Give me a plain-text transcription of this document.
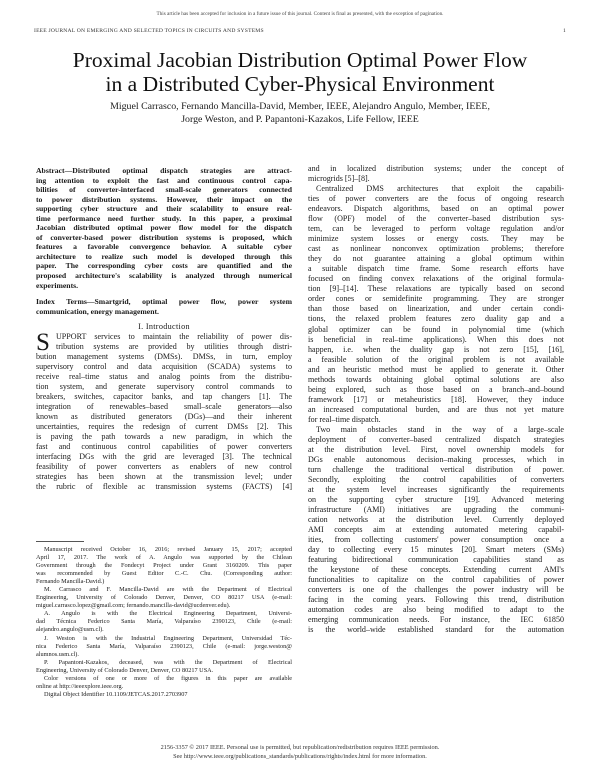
This article has been accepted for inclusion in a future issue of this journal. Content is final as presented, with the exception of pagination.
IEEE JOURNAL ON EMERGING AND SELECTED TOPICS IN CIRCUITS AND SYSTEMS	1
Proximal Jacobian Distribution Optimal Power Flow
in a Distributed Cyber-Physical Environment
Miguel Carrasco, Fernando Mancilla-David, Member, IEEE, Alejandro Angulo, Member, IEEE,
Jorge Weston, and P. Papantoni-Kazakos, Life Fellow, IEEE
Abstract—Distributed optimal dispatch strategies are attract-
ing attention to exploit the fast and continuous control capa-
bilities of converter-interfaced small-scale generators connected
to power distribution systems. However, their impact on the
supporting cyber structure and their scalability to ensure real-
time performance need further study. In this paper, a proximal
Jacobian distributed optimal power flow model for the dispatch
of converter-based power distribution systems is proposed, which
features a favorable convergence behavior. A suitable cyber
architecture to realize such model is developed through this
paper. The corresponding cyber costs are quantified and the
proposed architecture's scalability is analyzed through numerical
experiments.
Index Terms—Smartgrid, optimal power flow, power system
communication, energy management.
I. Introduction
S UPPORT services to maintain the reliability of power dis-
tribution systems are provided by utilities through distri-
bution management systems (DMSs). DMSs, in turn, employ
supervisory control and data acquisition (SCADA) systems to
receive real–time status and analog points from the distribu-
tion system, and generate supervisory control commands to
breakers, switches, capacitor banks, and tap changers [1]. The
integration of renewables–based small–scale generators—also
known as distributed generators (DGs)—and their inherent
uncertainties, requires the redesign of current DMSs [2]. This
is paving the path towards a new paradigm, in which the
fast and continuous control capabilities of power converters
interfacing DGs with the grid are leveraged [3]. The technical
feasibility of power converters as enablers of new control
strategies has been shown at the transmission level; under
the rubric of flexible ac transmission systems (FACTS) [4]
Manuscript received October 16, 2016; revised January 15, 2017; accepted
April 17, 2017. The work of A. Angulo was supported by the Chilean
Government through the Fondecyt Project under Grant 3160209. This paper
was recommended by Guest Editor C.-C. Chu. (Corresponding author:
Fernando Mancilla-David.)
M. Carrasco and F. Mancilla-David are with the Department of Electrical
Engineering, University of Colorado Denver, Denver, CO 80217 USA (e-mail:
miguel.carrasco.lopez@gmail.com; fernando.mancilla-david@ucdenver.edu).
A. Angulo is with the Electrical Engineering Department, Universi-
dad Técnica Federico Santa María, Valparaíso 2390123, Chile (e-mail:
alejandro.angulo@usm.cl).
J. Weston is with the Industrial Engineering Department, Universidad Téc-
nica Federico Santa María, Valparaíso 2390123, Chile (e-mail: jorge.weston@
alumnos.usm.cl).
P. Papantoni-Kazakos, deceased, was with the Department of Electrical
Engineering, University of Colorado Denver, Denver, CO 80217 USA.
Color versions of one or more of the figures in this paper are available
online at http://ieeexplore.ieee.org.
Digital Object Identifier 10.1109/JETCAS.2017.2703907
and in localized distribution systems; under the concept of
microgrids [5]–[8].
Centralized DMS architectures that exploit the capabili-
ties of power converters are the focus of ongoing research
endeavors. Dispatch algorithms, based on an optimal power
flow (OPF) model of the converter–based distribution sys-
tem, can be leveraged to perform voltage regulation and/or
minimize system losses or energy costs. They may be
cast as nonlinear nonconvex optimization problems; therefore
they do not guarantee attaining a global optimum within
a suitable dispatch time frame. Some research efforts have
focused on finding convex relaxations of the original formula-
tion [9]–[14]. These relaxations are typically based on second
order cones or semidefinite programming. They are stronger
than those based on linearization, and under certain condi-
tions, the relaxed problem features zero duality gap and a
global optimizer can be found in polynomial time (which
is beneficial in real–time applications). When this does not
happen, i.e. when the duality gap is not zero [15], [16],
a feasible solution of the original problem is not available
and an heuristic method must be applied to generate it. Other
methods towards obtaining global optimal solutions are also
being explored, such as those based on a branch–and–bound
framework [17] or metaheuristics [18]. However, they induce
an increased computational burden, and are thus not yet mature
for real–time dispatch.
Two main obstacles stand in the way of a large–scale
deployment of converter–based centralized dispatch strategies
at the distribution level. First, novel ownership models for
DGs enable autonomous decision–making processes, which in
turn challenge the traditional vertical distribution of power.
Secondly, exploiting the control capabilities of converters
at the system level increases significantly the requirements
on the supporting cyber structure [19]. Advanced metering
infrastructure (AMI) initiatives are upgrading the communi-
cation networks at the distribution level. Currently deployed
AMI concepts aim at extending automated metering capabil-
ities, from collecting customers' power consumption once a
day to collecting every 15 minutes [20]. Smart meters (SMs)
featuring bidirectional communication capabilities stand as
the keystone of these concepts. Extending current AMI's
functionalities to capitalize on the control capabilities of power
converters is one of the challenges the power industry will be
facing in the coming years. Following this trend, distribution
automation codes are also being modified to adapt to the
emerging communication needs. For instance, the IEC 61850
is the world–wide established standard for the automation
2156-3357 © 2017 IEEE. Personal use is permitted, but republication/redistribution requires IEEE permission.
See http://www.ieee.org/publications_standards/publications/rights/index.html for more information.
